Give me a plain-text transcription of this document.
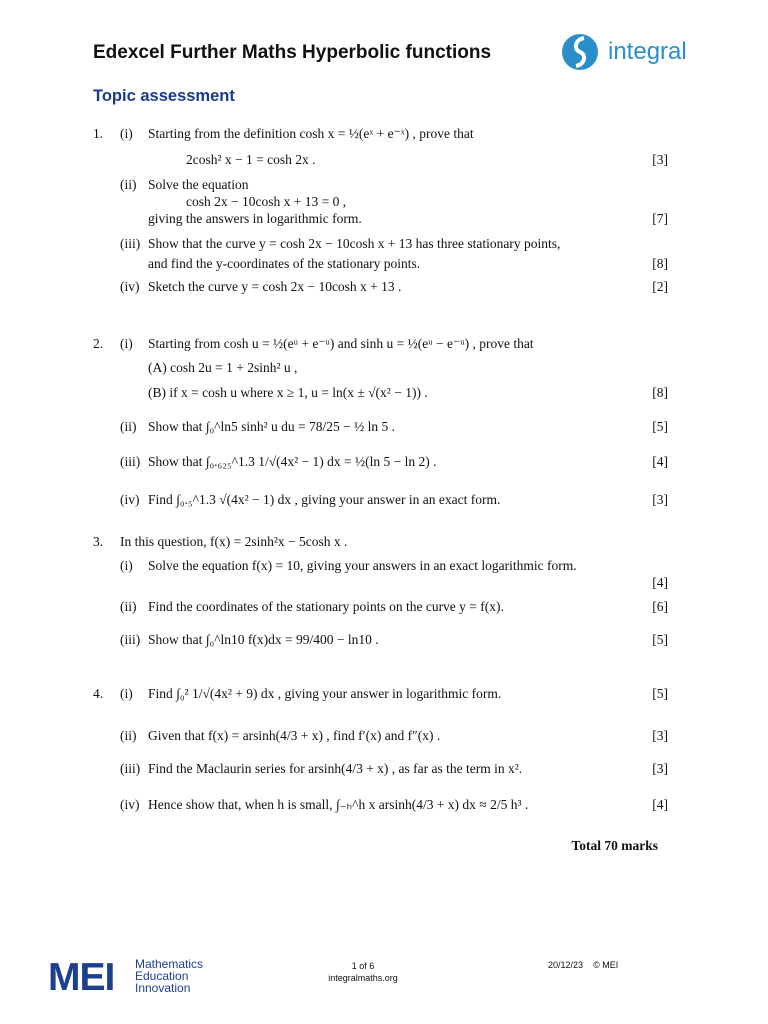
Edexcel Further Maths Hyperbolic functions
Topic assessment
integral
1. (i) Starting from the definition cosh x = ½(eˣ + e⁻ˣ) , prove that
2cosh² x − 1 = cosh 2x .	[3]
(ii) Solve the equation
cosh 2x − 10cosh x + 13 = 0 ,
giving the answers in logarithmic form.	[7]
(iii) Show that the curve y = cosh 2x − 10cosh x + 13 has three stationary points,
and find the y-coordinates of the stationary points.	[8]
(iv) Sketch the curve y = cosh 2x − 10cosh x + 13 .	[2]
2. (i) Starting from cosh u = ½(eᵘ + e⁻ᵘ) and sinh u = ½(eᵘ − e⁻ᵘ) , prove that
(A) cosh 2u = 1 + 2sinh² u ,
(B) if x = cosh u where x ≥ 1, u = ln(x ± √(x² − 1)) .	[8]
(ii) Show that ∫₀^ln5 sinh² u du = 78/25 − ½ ln 5 .	[5]
(iii) Show that ∫₀.₆₂₅^1.3 1/√(4x² − 1) dx = ½(ln 5 − ln 2) .	[4]
(iv) Find ∫₀.₅^1.3 √(4x² − 1) dx , giving your answer in an exact form.	[3]
3. In this question, f(x) = 2sinh²x − 5cosh x .
(i) Solve the equation f(x) = 10, giving your answers in an exact logarithmic form.
[4]
(ii) Find the coordinates of the stationary points on the curve y = f(x).	[6]
(iii) Show that ∫₀^ln10 f(x)dx = 99/400 − ln10 .	[5]
4. (i) Find ∫₀² 1/√(4x² + 9) dx , giving your answer in logarithmic form.	[5]
(ii) Given that f(x) = arsinh(4/3 + x) , find f′(x) and f″(x) .	[3]
(iii) Find the Maclaurin series for arsinh(4/3 + x) , as far as the term in x².	[3]
(iv) Hence show that, when h is small, ∫₋ₕ^h x arsinh(4/3 + x) dx ≈ 2/5 h³ .	[4]
Total 70 marks
MEI Mathematics
Education
Innovation
1 of 6
integralmaths.org
20/12/23 © MEI
